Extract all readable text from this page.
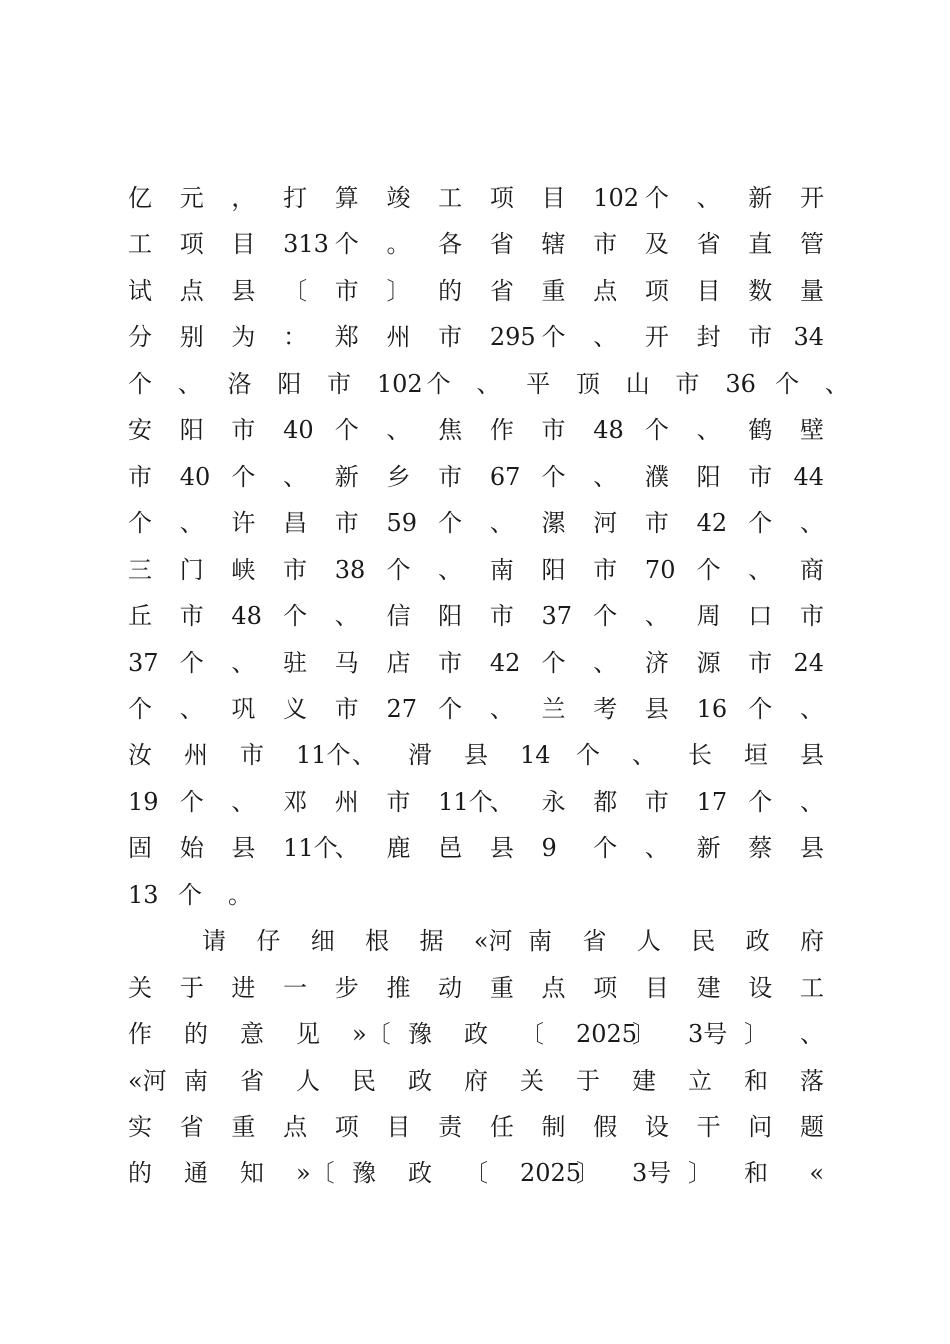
亿 元 ， 打 算 竣 工 项 目 102 个 、 新 开
工 项 目 313 个 。 各 省 辖 市 及 省 直 管
试 点 县 〔 市 〕 的 省 重 点 项 目 数 量
分 别 为 ： 郑 州 市 295 个 、 开 封 市 34
个 、 洛 阳 市 102 个 、 平 顶 山 市 36 个 、
安 阳 市 40 个 、 焦 作 市 48 个 、 鹤 壁
市 40 个 、 新 乡 市 67 个 、 濮 阳 市 44
个 、 许 昌 市 59 个 、 漯 河 市 42 个 、
三 门 峡 市 38 个 、 南 阳 市 70 个 、 商
丘 市 48 个 、 信 阳 市 37 个 、 周 口 市
37 个 、 驻 马 店 市 42 个 、 济 源 市 24
个 、 巩 义 市 27 个 、 兰 考 县 16 个 、
汝 州 市 11个 、 滑 县 14 个 、 长 垣 县
19 个 、 邓 州 市 11个
、 永 都 市 17 个 、
固 始 县 11个
、 鹿 邑 县 9 个 、 新 蔡 县
13 个 。
请 仔 细 根 据 «河 南 省 人 民 政 府
关 于 进 一 步 推 动 重 点 项 目 建 设 工
作 的 意 见 »〔 豫 政 〔 2025
〕 3号 〕 、
«河 南 省 人 民 政 府 关 于 建 立 和 落
实 省 重 点 项 目 责 任 制 假 设 干 问 题
的 通 知 »〔 豫 政 〔 2025
〕 3号 〕 和 «
